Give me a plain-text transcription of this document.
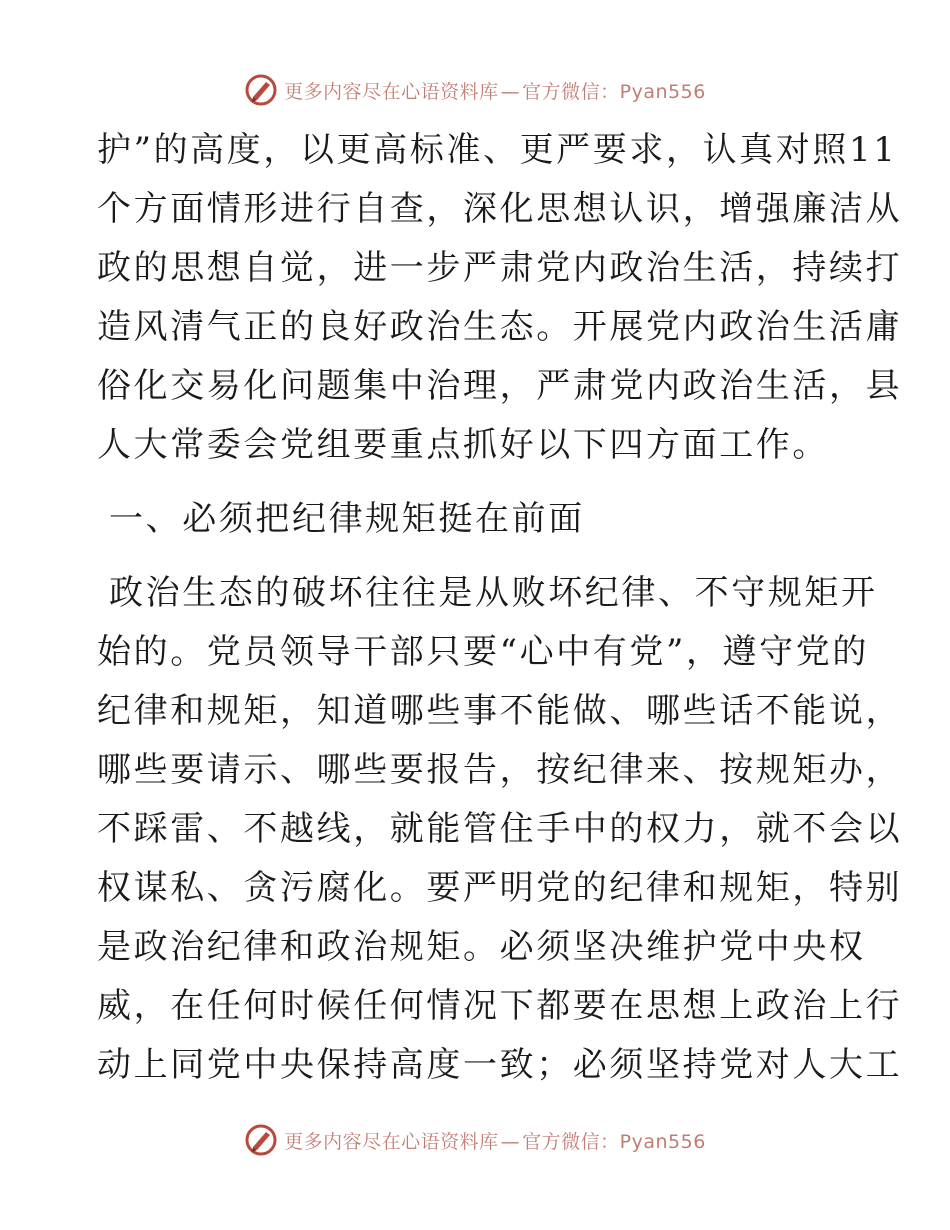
更多内容尽在心语资料库 — 官方微信：Pyan556
护”的高度，以更高标准、更严要求，认真对照11
个方面情形进行自查，深化思想认识，增强廉洁从
政的思想自觉，进一步严肃党内政治生活，持续打
造风清气正的良好政治生态。开展党内政治生活庸
俗化交易化问题集中治理，严肃党内政治生活，县
人大常委会党组要重点抓好以下四方面工作。
一、必须把纪律规矩挺在前面
政治生态的破坏往往是从败坏纪律、不守规矩开
始的。党员领导干部只要“心中有党”，遵守党的
纪律和规矩，知道哪些事不能做、哪些话不能说，
哪些要请示、哪些要报告，按纪律来、按规矩办，
不踩雷、不越线，就能管住手中的权力，就不会以
权谋私、贪污腐化。要严明党的纪律和规矩，特别
是政治纪律和政治规矩。必须坚决维护党中央权
威，在任何时候任何情况下都要在思想上政治上行
动上同党中央保持高度一致；必须坚持党对人大工
更多内容尽在心语资料库 — 官方微信：Pyan556
